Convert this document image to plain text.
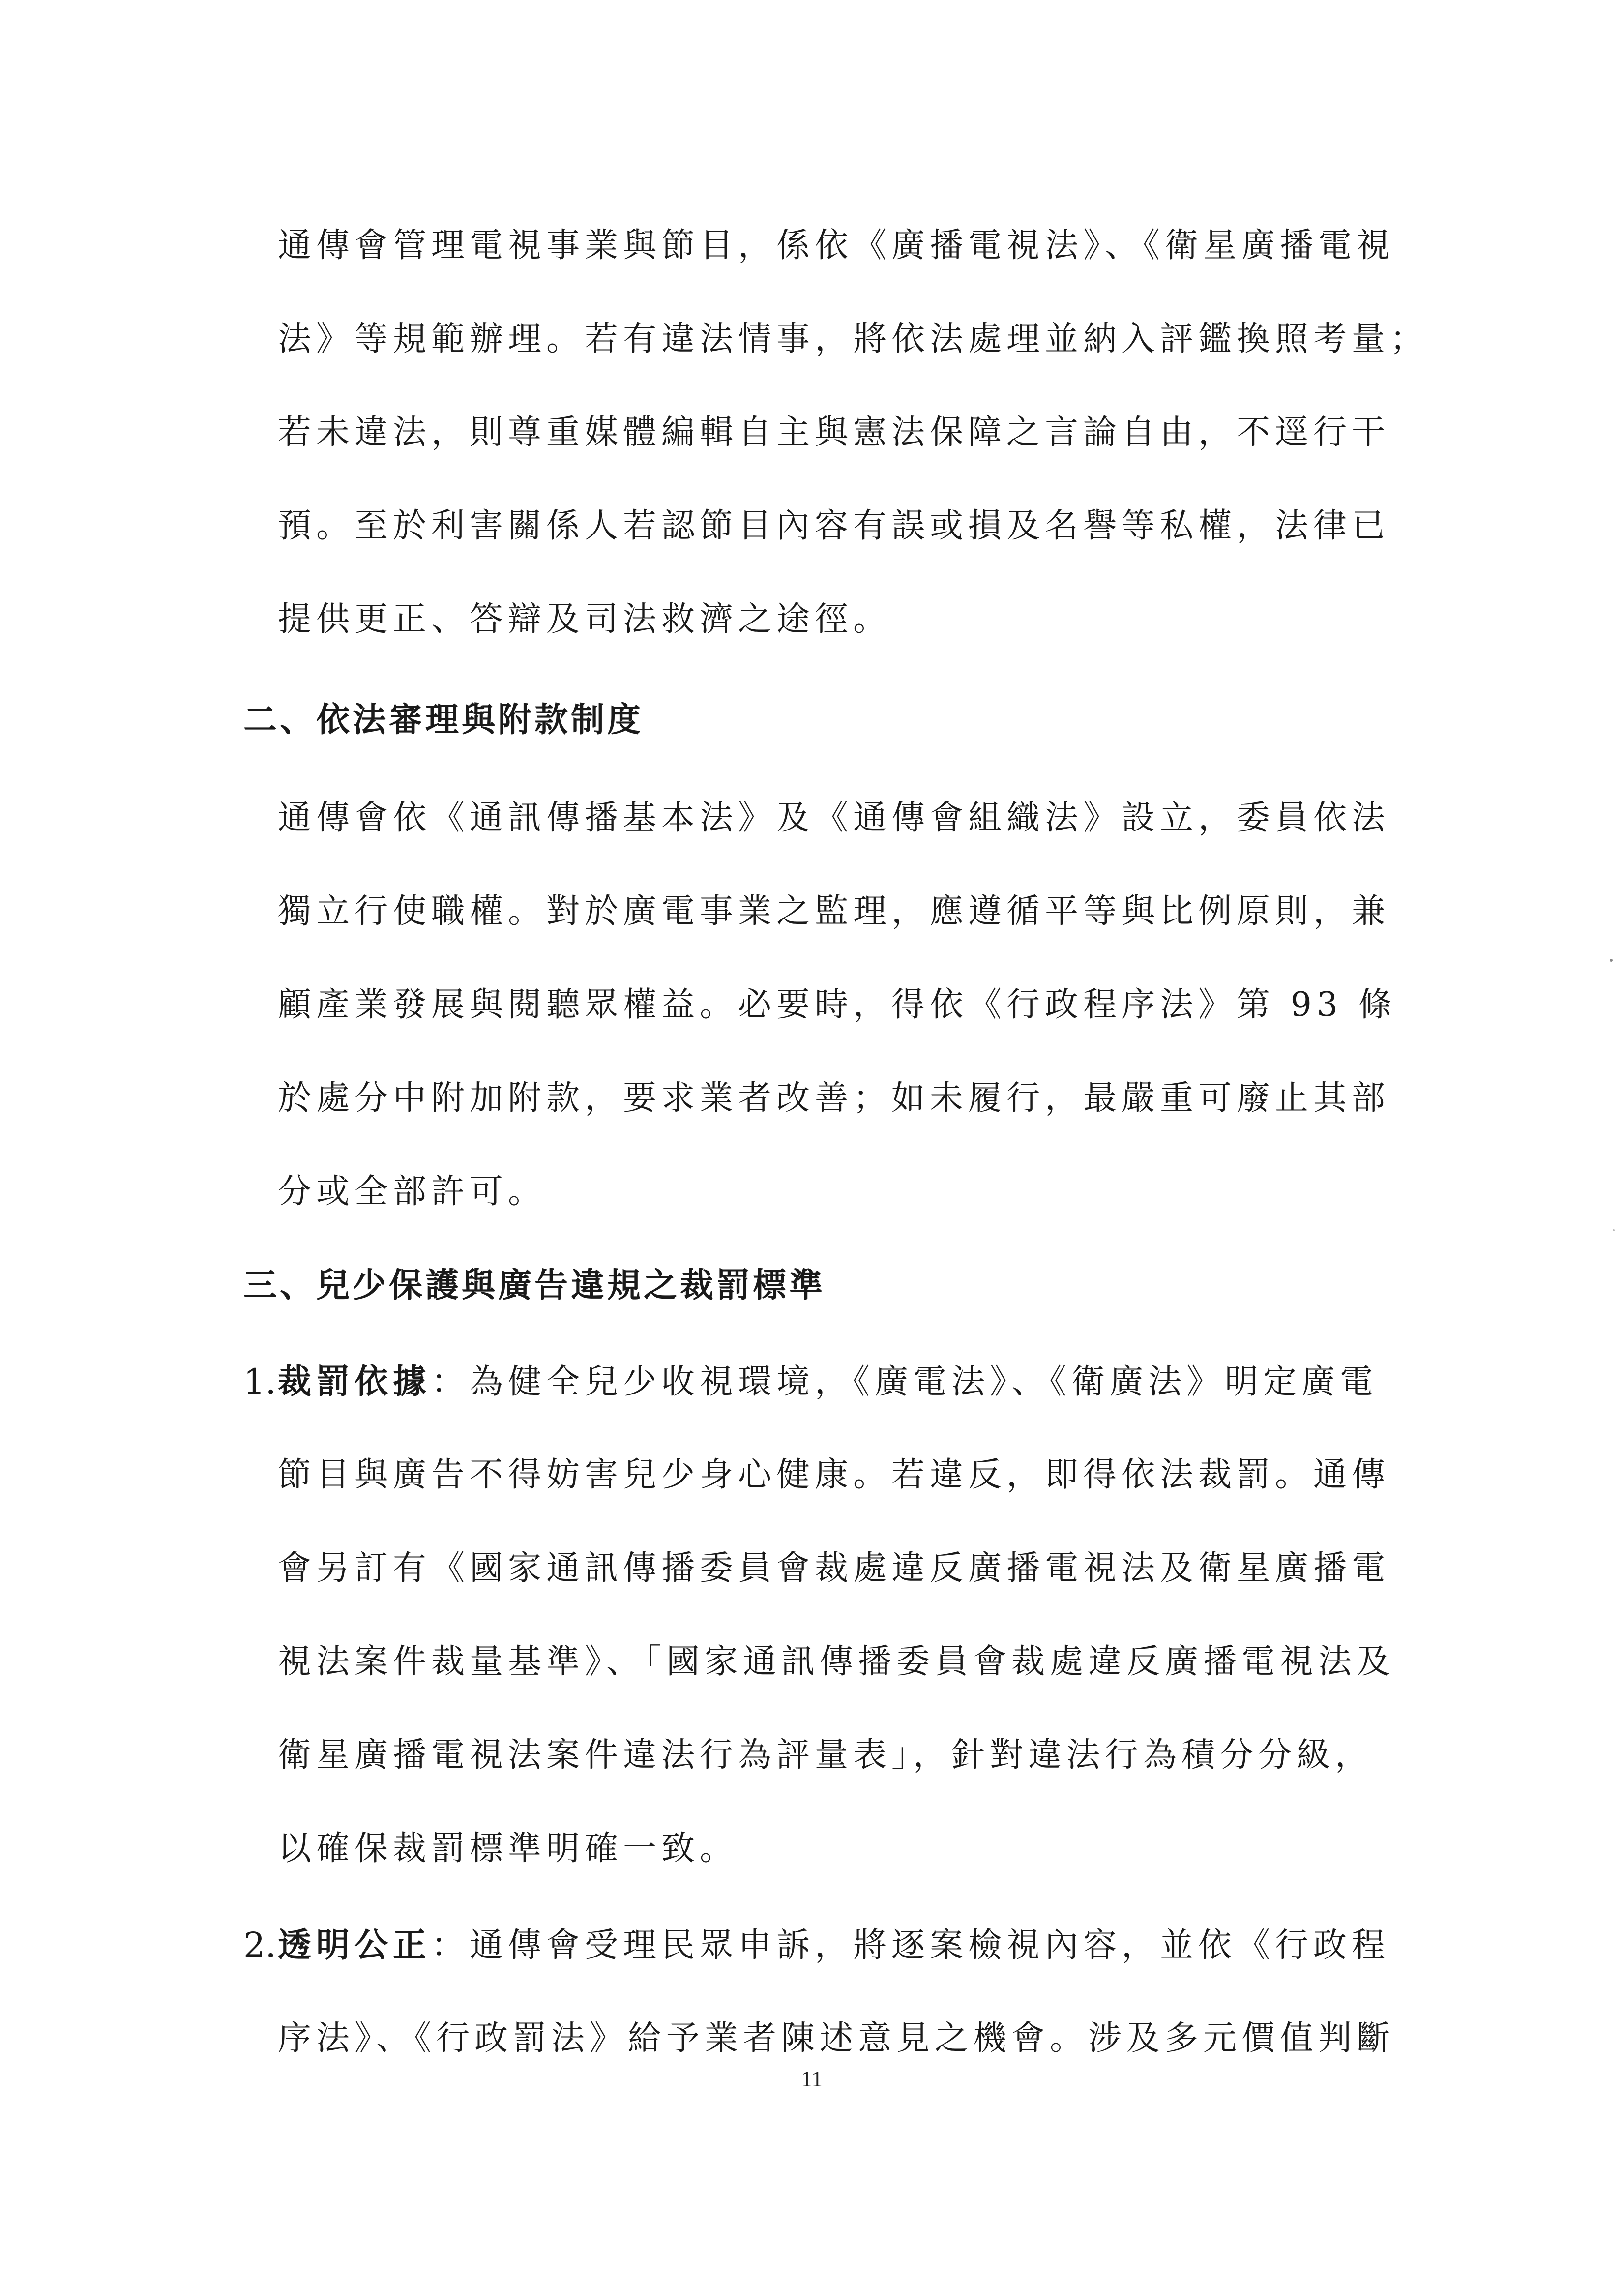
通傳會管理電視事業與節目，係依《廣播電視法》、《衛星廣播電視
法》等規範辦理。若有違法情事，將依法處理並納入評鑑換照考量；
若未違法，則尊重媒體編輯自主與憲法保障之言論自由，不逕行干
預。至於利害關係人若認節目內容有誤或損及名譽等私權，法律已
提供更正、答辯及司法救濟之途徑。
二、依法審理與附款制度
通傳會依《通訊傳播基本法》及《通傳會組織法》設立，委員依法
獨立行使職權。對於廣電事業之監理，應遵循平等與比例原則，兼
顧產業發展與閱聽眾權益。必要時，得依《行政程序法》第 93 條
於處分中附加附款，要求業者改善；如未履行，最嚴重可廢止其部
分或全部許可。
三、兒少保護與廣告違規之裁罰標準
1. 裁罰依據：為健全兒少收視環境，《廣電法》、《衛廣法》明定廣電
節目與廣告不得妨害兒少身心健康。若違反，即得依法裁罰。通傳
會另訂有《國家通訊傳播委員會裁處違反廣播電視法及衛星廣播電
視法案件裁量基準》、「國家通訊傳播委員會裁處違反廣播電視法及
衛星廣播電視法案件違法行為評量表」，針對違法行為積分分級，
以確保裁罰標準明確一致。
2. 透明公正：通傳會受理民眾申訴，將逐案檢視內容，並依《行政程
序法》、《行政罰法》給予業者陳述意見之機會。涉及多元價值判斷
11
